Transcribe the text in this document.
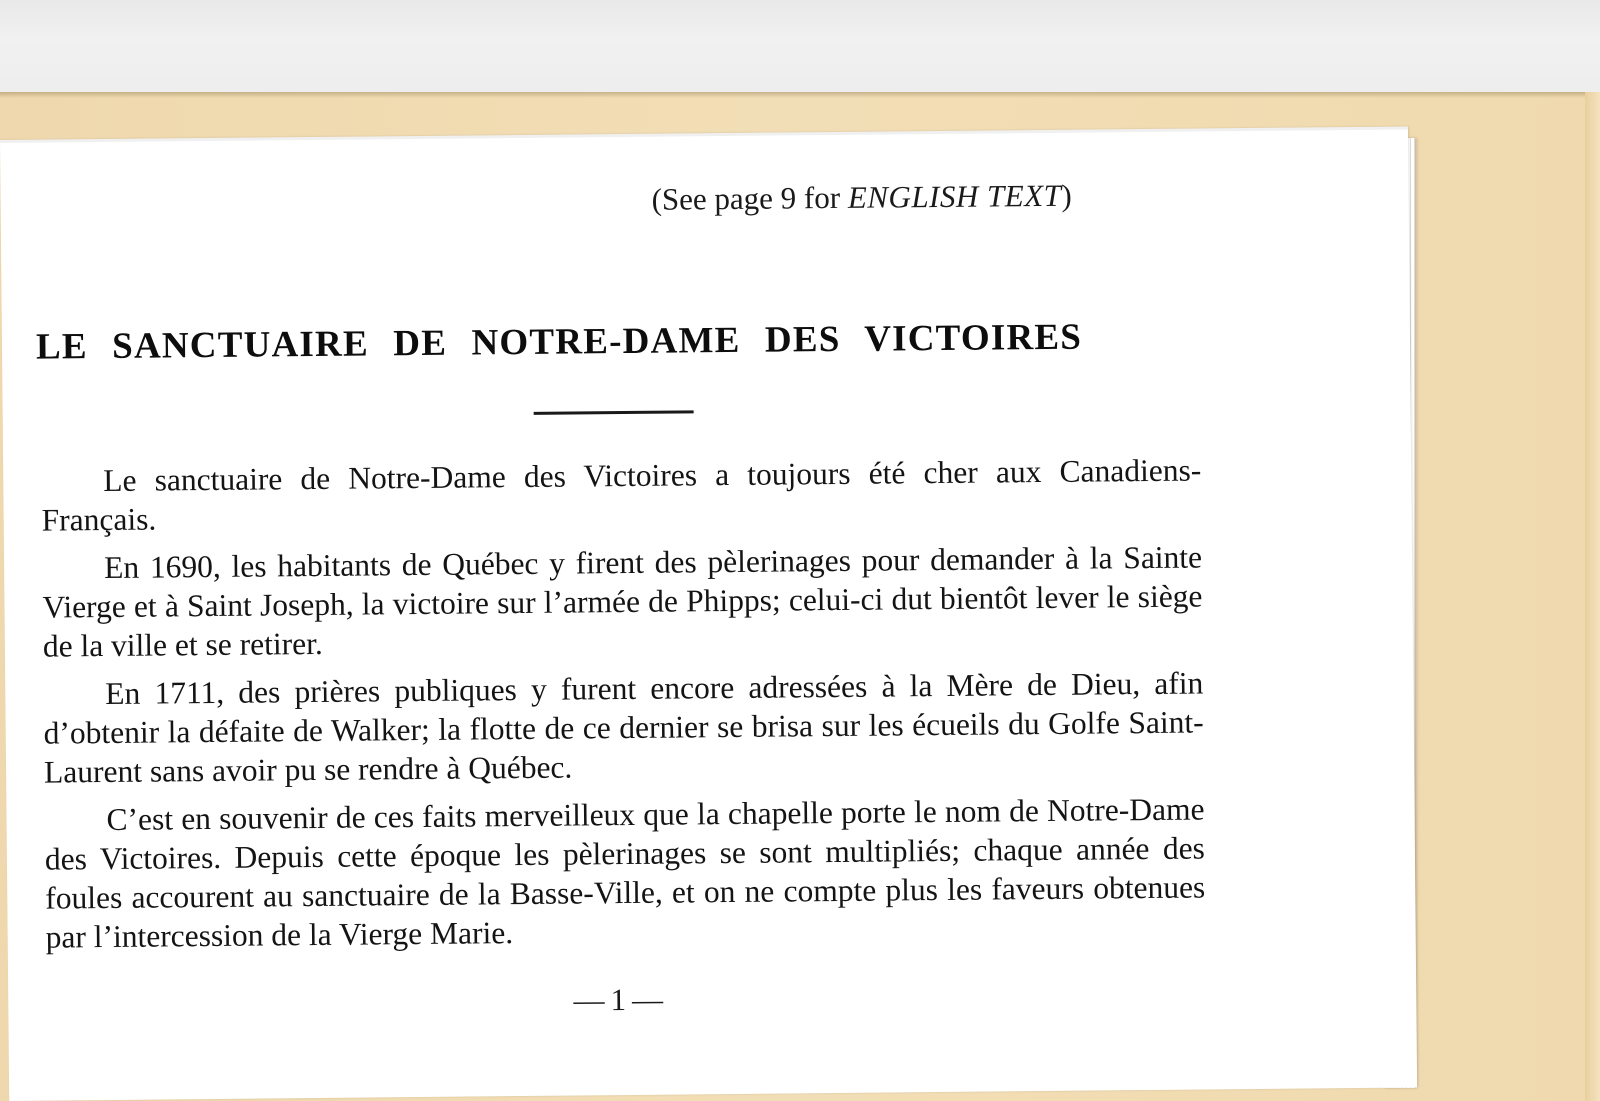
(See page 9 for ENGLISH TEXT)
LE SANCTUAIRE DE NOTRE-DAME DES VICTOIRES

Le sanctuaire de Notre-Dame des Victoires a toujours été cher aux Canadiens-Français.

En 1690, les habitants de Québec y firent des pèlerinages pour demander à la Sainte Vierge et à Saint Joseph, la victoire sur l’armée de Phipps; celui-ci dut bientôt lever le siège de la ville et se retirer.

En 1711, des prières publiques y furent encore adressées à la Mère de Dieu, afin d’obtenir la défaite de Walker; la flotte de ce dernier se brisa sur les écueils du Golfe Saint-Laurent sans avoir pu se rendre à Québec.

C’est en souvenir de ces faits merveilleux que la chapelle porte le nom de Notre-Dame des Victoires. Depuis cette époque les pèlerinages se sont multipliés; chaque année des foules accourent au sanctuaire de la Basse-Ville, et on ne compte plus les faveurs obtenues par l’intercession de la Vierge Marie.

— 1 —
